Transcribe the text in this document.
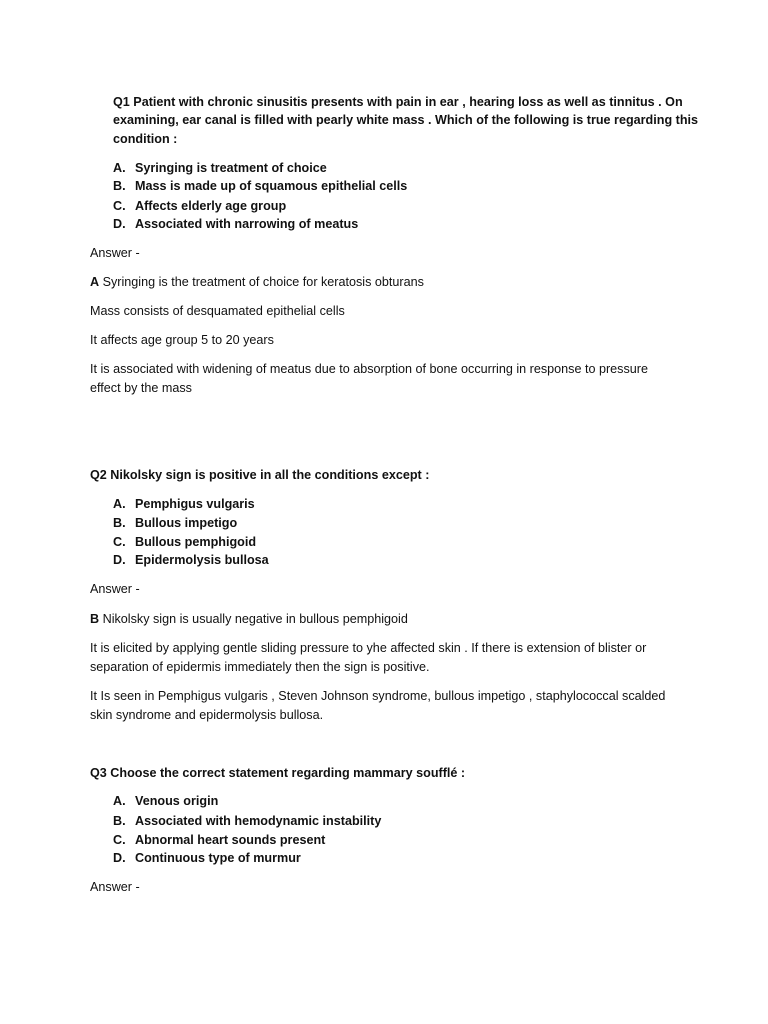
Q1 Patient with chronic sinusitis presents with pain in ear , hearing loss as well as tinnitus . On
examining, ear canal is filled with pearly white mass . Which of the following is true regarding this
condition :
A. Syringing is treatment of choice
B. Mass is made up of squamous epithelial cells
C. Affects elderly age group
D. Associated with narrowing of meatus
Answer -
A Syringing is the treatment of choice for keratosis obturans
Mass consists of desquamated epithelial cells
It affects age group 5 to 20 years
It is associated with widening of meatus due to absorption of bone occurring in response to pressure
effect by the mass
Q2 Nikolsky sign is positive in all the conditions except :
A. Pemphigus vulgaris
B. Bullous impetigo
C. Bullous pemphigoid
D. Epidermolysis bullosa
Answer -
B Nikolsky sign is usually negative in bullous pemphigoid
It is elicited by applying gentle sliding pressure to yhe affected skin . If there is extension of blister or
separation of epidermis immediately then the sign is positive.
It Is seen in Pemphigus vulgaris , Steven Johnson syndrome, bullous impetigo , staphylococcal scalded
skin syndrome and epidermolysis bullosa.
Q3 Choose the correct statement regarding mammary soufflé :
A. Venous origin
B. Associated with hemodynamic instability
C. Abnormal heart sounds present
D. Continuous type of murmur
Answer -
